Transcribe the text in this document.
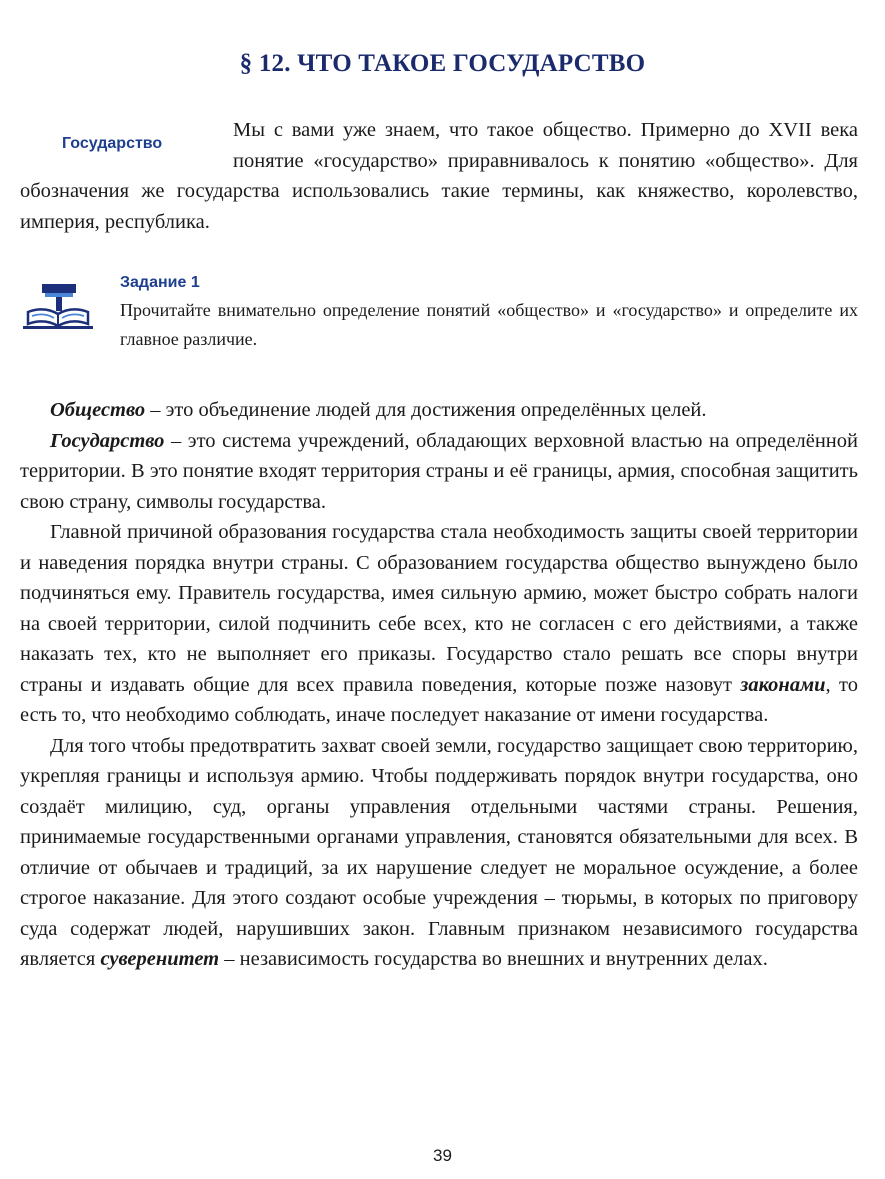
§ 12. ЧТО ТАКОЕ ГОСУДАРСТВО
Государство

Мы с вами уже знаем, что такое общество. Примерно до XVII века понятие «государство» приравнивалось к понятию «общество». Для обозначения же государства использовались такие термины, как княжество, королевство, империя, республика.

Задание 1

Прочитайте внимательно определение понятий «общество» и «государство» и определите их главное различие.

Общество – это объединение людей для достижения определённых целей.

Государство – это система учреждений, обладающих верховной властью на определённой территории. В это понятие входят территория страны и её границы, армия, способная защитить свою страну, символы государства.

Главной причиной образования государства стала необходимость защиты своей территории и наведения порядка внутри страны. С образованием государства общество вынуждено было подчиняться ему. Правитель государства, имея сильную армию, может быстро собрать налоги на своей территории, силой подчинить себе всех, кто не согласен с его действиями, а также наказать тех, кто не выполняет его приказы. Государство стало решать все споры внутри страны и издавать общие для всех правила поведения, которые позже назовут законами, то есть то, что необходимо соблюдать, иначе последует наказание от имени государства.

Для того чтобы предотвратить захват своей земли, государство защищает свою территорию, укрепляя границы и используя армию. Чтобы поддерживать порядок внутри государства, оно создаёт милицию, суд, органы управления отдельными частями страны. Решения, принимаемые государственными органами управления, становятся обязательными для всех. В отличие от обычаев и традиций, за их нарушение следует не моральное осуждение, а более строгое наказание. Для этого создают особые учреждения – тюрьмы, в которых по приговору суда содержат людей, нарушивших закон. Главным признаком независимого государства является суверенитет – независимость государства во внешних и внутренних делах.

39
